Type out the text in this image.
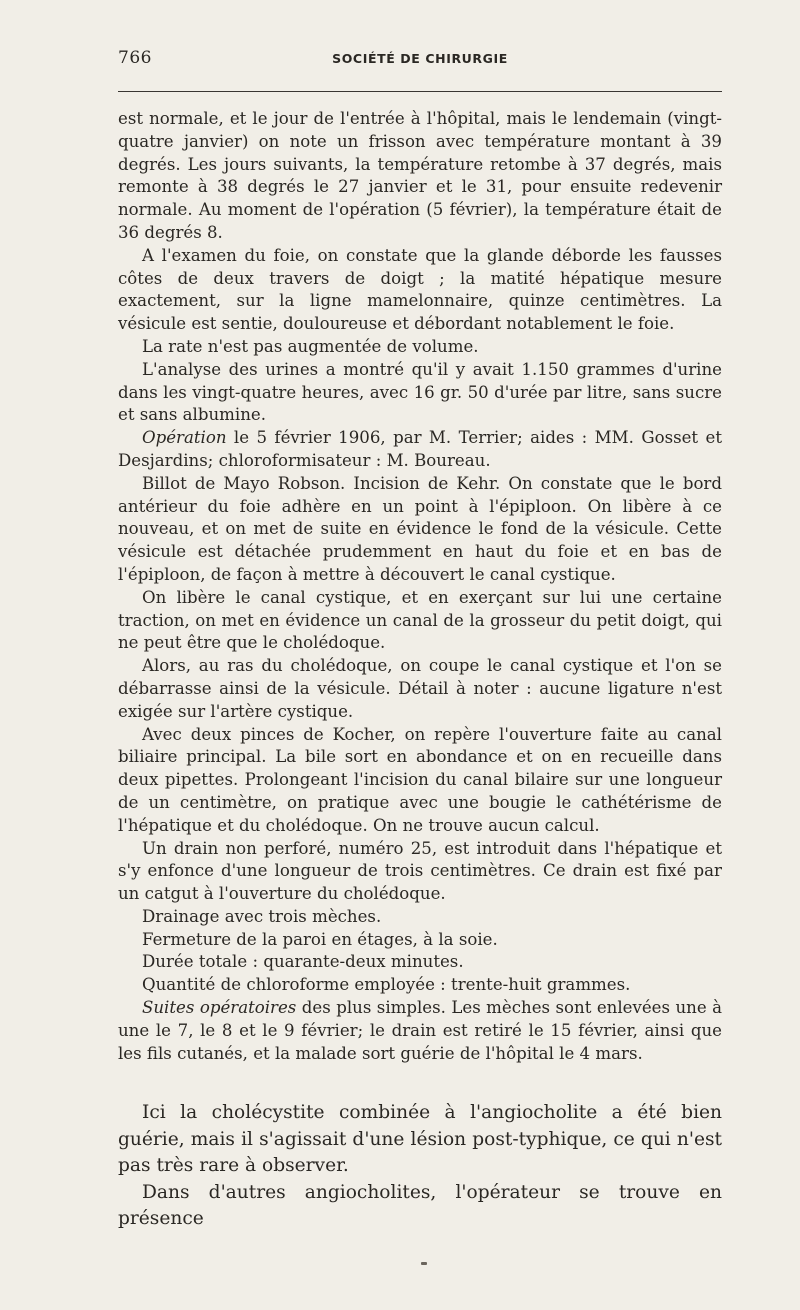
766	SOCIÉTÉ DE CHIRURGIE

est normale, et le jour de l'entrée à l'hôpital, mais le lendemain (vingt-quatre janvier) on note un frisson avec température montant à 39 degrés. Les jours suivants, la température retombe à 37 degrés, mais remonte à 38 degrés le 27 janvier et le 31, pour ensuite redevenir normale. Au moment de l'opération (5 février), la température était de 36 degrés 8.

A l'examen du foie, on constate que la glande déborde les fausses côtes de deux travers de doigt ; la matité hépatique mesure exactement, sur la ligne mamelonnaire, quinze centimètres. La vésicule est sentie, douloureuse et débordant notablement le foie.

La rate n'est pas augmentée de volume.

L'analyse des urines a montré qu'il y avait 1.150 grammes d'urine dans les vingt-quatre heures, avec 16 gr. 50 d'urée par litre, sans sucre et sans albumine.

Opération le 5 février 1906, par M. Terrier; aides : MM. Gosset et Desjardins; chloroformisateur : M. Boureau.

Billot de Mayo Robson. Incision de Kehr. On constate que le bord antérieur du foie adhère en un point à l'épiploon. On libère à ce nouveau, et on met de suite en évidence le fond de la vésicule. Cette vésicule est détachée prudemment en haut du foie et en bas de l'épiploon, de façon à mettre à découvert le canal cystique.

On libère le canal cystique, et en exerçant sur lui une certaine traction, on met en évidence un canal de la grosseur du petit doigt, qui ne peut être que le cholédoque.

Alors, au ras du cholédoque, on coupe le canal cystique et l'on se débarrasse ainsi de la vésicule. Détail à noter : aucune ligature n'est exigée sur l'artère cystique.

Avec deux pinces de Kocher, on repère l'ouverture faite au canal biliaire principal. La bile sort en abondance et on en recueille dans deux pipettes. Prolongeant l'incision du canal bilaire sur une longueur de un centimètre, on pratique avec une bougie le cathétérisme de l'hépatique et du cholédoque. On ne trouve aucun calcul.

Un drain non perforé, numéro 25, est introduit dans l'hépatique et s'y enfonce d'une longueur de trois centimètres. Ce drain est fixé par un catgut à l'ouverture du cholédoque.

Drainage avec trois mèches.

Fermeture de la paroi en étages, à la soie.

Durée totale : quarante-deux minutes.

Quantité de chloroforme employée : trente-huit grammes.

Suites opératoires des plus simples. Les mèches sont enlevées une à une le 7, le 8 et le 9 février; le drain est retiré le 15 février, ainsi que les fils cutanés, et la malade sort guérie de l'hôpital le 4 mars.

Ici la cholécystite combinée à l'angiocholite a été bien guérie, mais il s'agissait d'une lésion post-typhique, ce qui n'est pas très rare à observer.

Dans d'autres angiocholites, l'opérateur se trouve en présence
